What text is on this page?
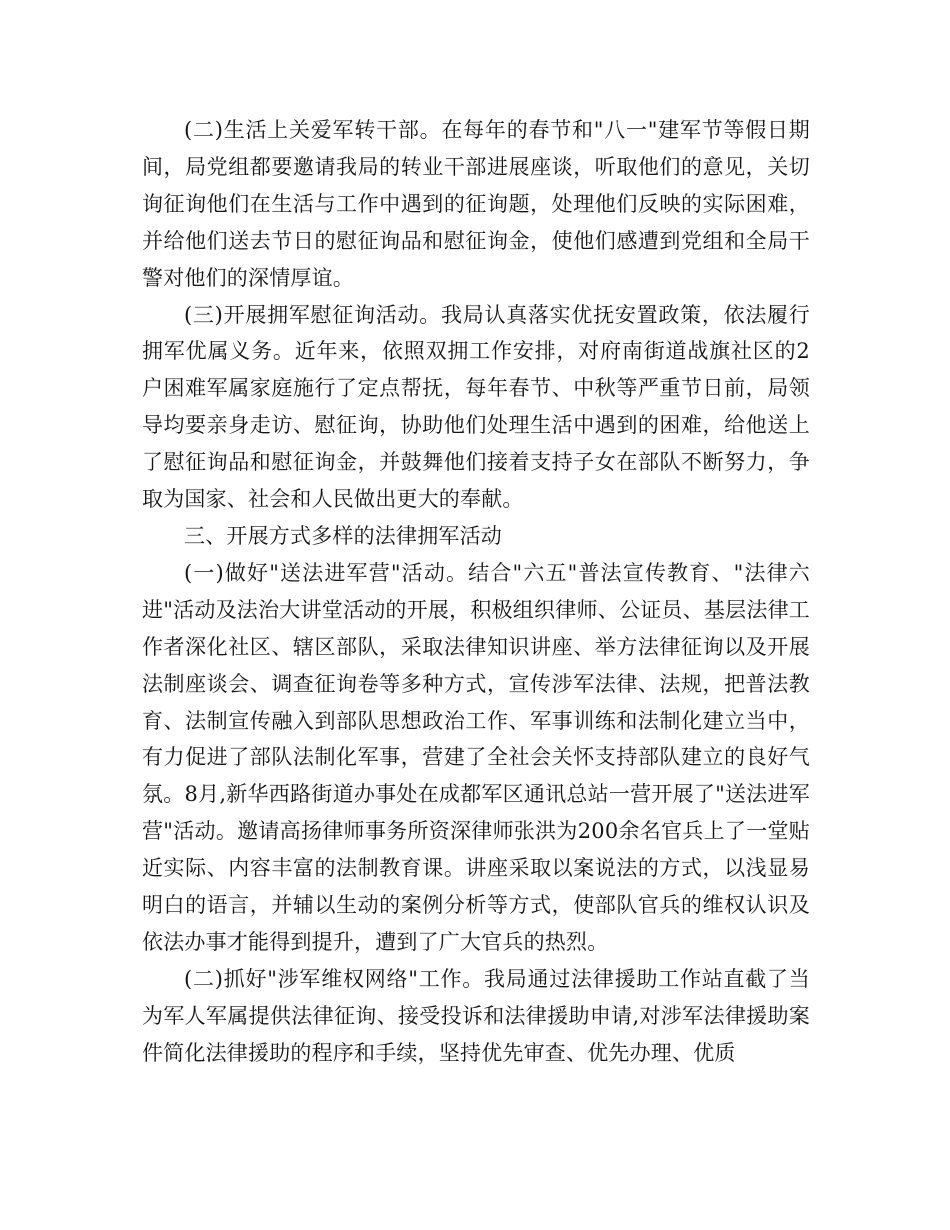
(二)生活上关爱军转干部。在每年的春节和"八一"建军节等假日期间，局党组都要邀请我局的转业干部进展座谈，听取他们的意见，关切询征询他们在生活与工作中遇到的征询题，处理他们反映的实际困难，并给他们送去节日的慰征询品和慰征询金，使他们感遭到党组和全局干警对他们的深情厚谊。

(三)开展拥军慰征询活动。我局认真落实优抚安置政策，依法履行拥军优属义务。近年来，依照双拥工作安排，对府南街道战旗社区的2户困难军属家庭施行了定点帮抚，每年春节、中秋等严重节日前，局领导均要亲身走访、慰征询，协助他们处理生活中遇到的困难，给他送上了慰征询品和慰征询金，并鼓舞他们接着支持子女在部队不断努力，争取为国家、社会和人民做出更大的奉献。

三、开展方式多样的法律拥军活动

(一)做好"送法进军营"活动。结合"六五"普法宣传教育、"法律六进"活动及法治大讲堂活动的开展，积极组织律师、公证员、基层法律工作者深化社区、辖区部队，采取法律知识讲座、举方法律征询以及开展法制座谈会、调查征询卷等多种方式，宣传涉军法律、法规，把普法教育、法制宣传融入到部队思想政治工作、军事训练和法制化建立当中，有力促进了部队法制化军事，营建了全社会关怀支持部队建立的良好气氛。8月,新华西路街道办事处在成都军区通讯总站一营开展了"送法进军营"活动。邀请高扬律师事务所资深律师张洪为200余名官兵上了一堂贴近实际、内容丰富的法制教育课。讲座采取以案说法的方式，以浅显易明白的语言，并辅以生动的案例分析等方式，使部队官兵的维权认识及依法办事才能得到提升，遭到了广大官兵的热烈。

(二)抓好"涉军维权网络"工作。我局通过法律援助工作站直截了当为军人军属提供法律征询、接受投诉和法律援助申请,对涉军法律援助案件简化法律援助的程序和手续，坚持优先审查、优先办理、优质
